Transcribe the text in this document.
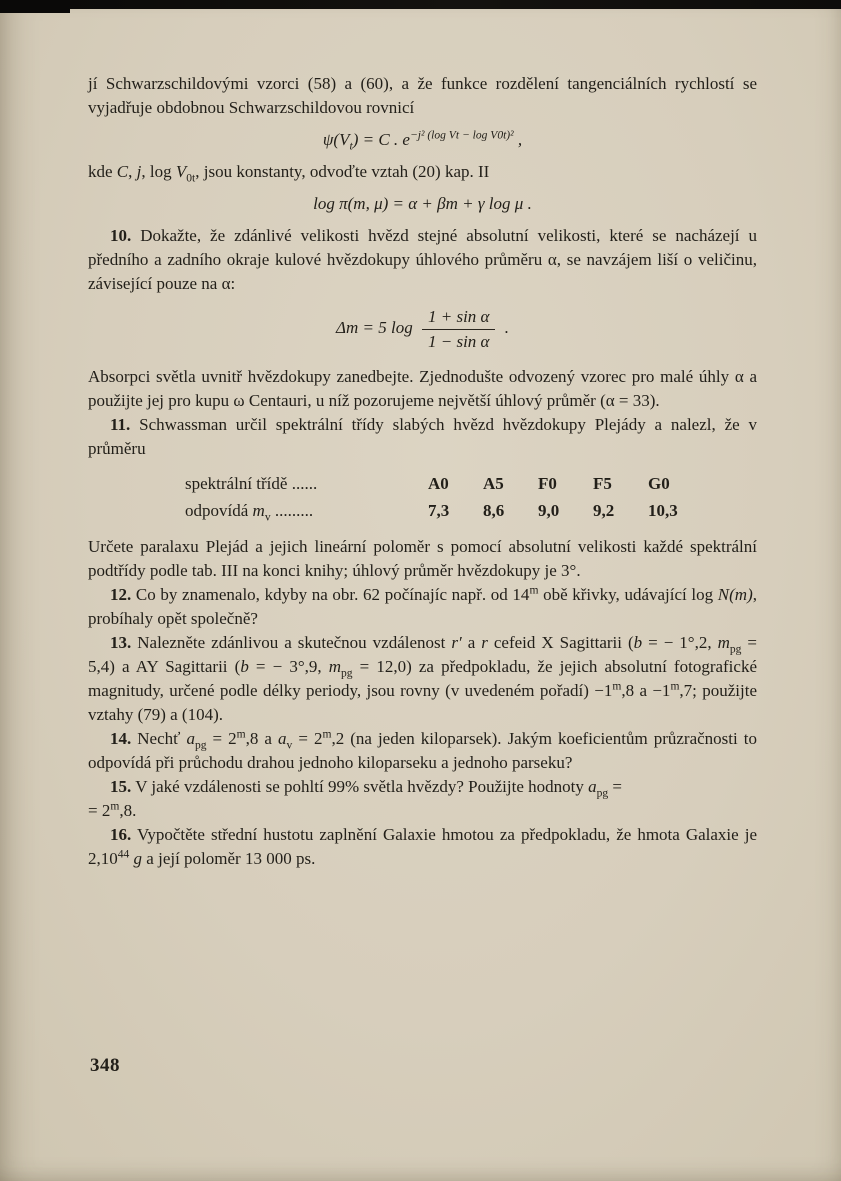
jí Schwarzschildovými vzorci (58) a (60), a že funkce rozdělení tangenciálních rychlostí se vyjadřuje obdobnou Schwarzschildovou rovnicí

$\psi(V_t) = C$ . $e^{-j^2 (log Vt - log V0t)^2}$ ,

kde C, j, $\log V_{0t}$, jsou konstanty, odvoďte vztah (20) kap. II

log π(m, μ) = α + βm + γ log μ .

10. Dokažte, že zdánlivé velikosti hvězd stejné absolutní velikosti, které se nacházejí u předního a zadního okraje kulové hvězdokupy úhlového průměru α, se navzájem liší o veličinu, závisející pouze na α:

Δm = 5 $\log \frac{\text{1 + sin α}}{\text{1 − sin α}}$ .

Absorpci světla uvnitř hvězdokupy zanedbejte. Zjednodušte odvozený vzorec pro malé úhly α a použijte jej pro kupu ω Centauri, u níž pozorujeme největší úhlový průměr (α = 33).

11. Schwassman určil spektrální třídy slabých hvězd hvězdokupy Plejády a nalezl, že v průměru

spektrální třídě ......	A0	A5	F0	F5	G0
odpovídá $m_v$ .........	7,3	8,6	9,0	9,2	10,3

Určete paralaxu Plejád a jejich lineární poloměr s pomocí absolutní velikosti každé spektrální podtřídy podle tab. III na konci knihy; úhlový průměr hvězdokupy je 3°.

12. Co by znamenalo, kdyby na obr. 62 počínajíc např. od 14$^m$ obě křivky, udávající log N(m), probíhaly opět společně?

13. Nalezněte zdánlivou a skutečnou vzdálenost r′ a r cefeid X Sagittarii (b = − 1°,2, $m_{pg} = 5,4$) a AY Sagittarii (b = − 3°,9, $m_{pg} = 12,0$) za předpokladu, že jejich absolutní fotografické magnitudy, určené podle délky periody, jsou rovny (v uvedeném pořadí) $-1^m,8$ $a -1^m,7$; použijte vztahy (79) a (104).

14. Nechť $a_{pg} = 2^m,8$ a $a_v = 2^m,2$ (na jeden kiloparsek). Jakým koeficientům průzračnosti to odpovídá při průchodu drahou jednoho kiloparseku a jednoho parseku?

15. V jaké vzdálenosti se pohltí 99% světla hvězdy? Použijte hodnoty $a_{pg}$ =
= $2^m,8$.

16. Vypočtěte střední hustotu zaplnění Galaxie hmotou za předpokladu, že hmota Galaxie je 2,10$^{44}$ g a její poloměr 13 000 ps.

348
